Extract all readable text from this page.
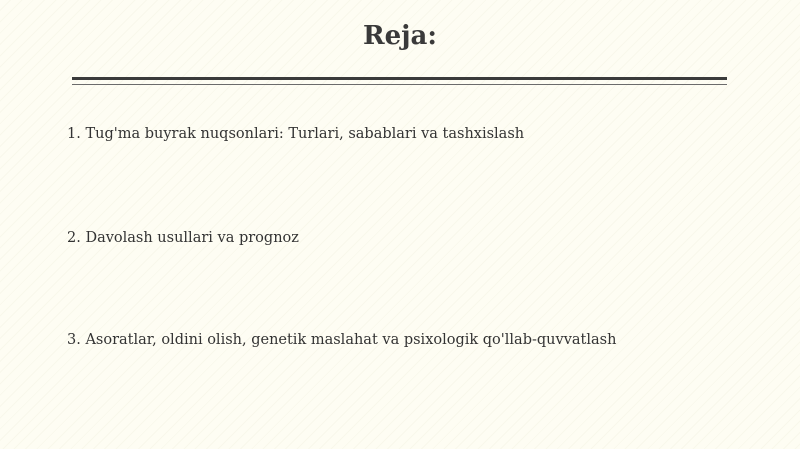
Reja:

1. Tug'ma buyrak nuqsonlari: Turlari, sabablari va tashxislash

2. Davolash usullari va prognoz

3. Asoratlar, oldini olish, genetik maslahat va psixologik qo'llab-quvvatlash
